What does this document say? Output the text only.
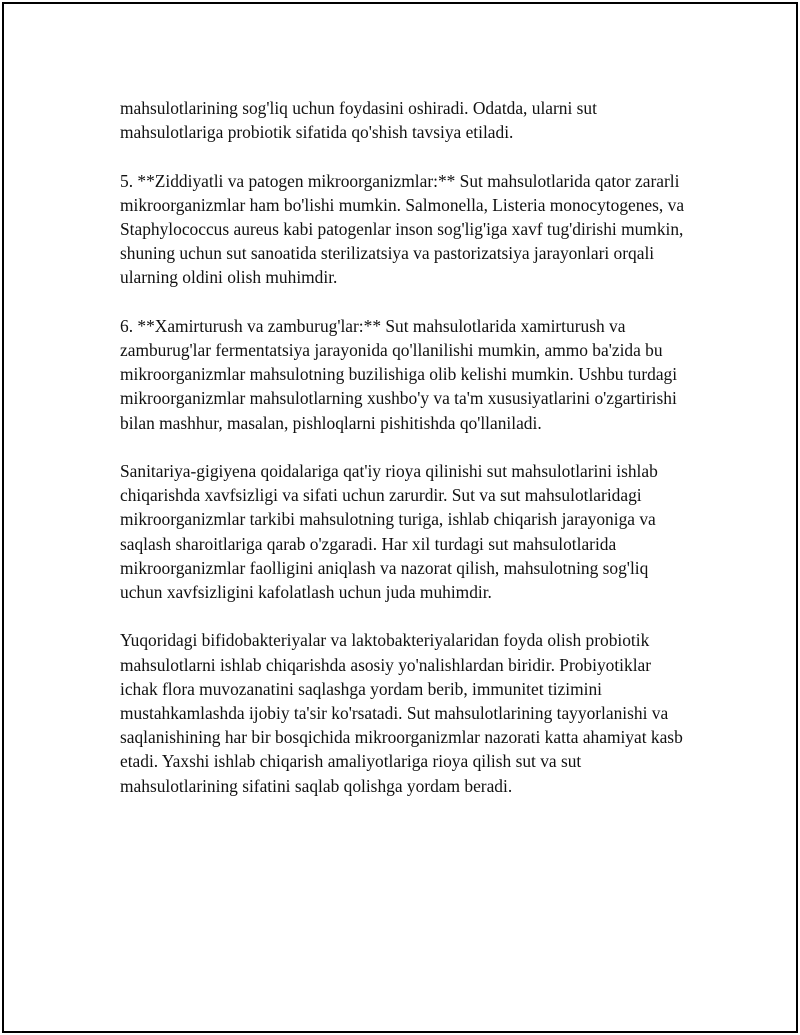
mahsulotlarining sog'liq uchun foydasini oshiradi. Odatda, ularni sut mahsulotlariga probiotik sifatida qo'shish tavsiya etiladi.

5. **Ziddiyatli va patogen mikroorganizmlar:** Sut mahsulotlarida qator zararli mikroorganizmlar ham bo'lishi mumkin. Salmonella, Listeria monocytogenes, va Staphylococcus aureus kabi patogenlar inson sog'lig'iga xavf tug'dirishi mumkin, shuning uchun sut sanoatida sterilizatsiya va pastorizatsiya jarayonlari orqali ularning oldini olish muhimdir.

6. **Xamirturush va zamburug'lar:** Sut mahsulotlarida xamirturush va zamburug'lar fermentatsiya jarayonida qo'llanilishi mumkin, ammo ba'zida bu mikroorganizmlar mahsulotning buzilishiga olib kelishi mumkin. Ushbu turdagi mikroorganizmlar mahsulotlarning xushbo'y va ta'm xususiyatlarini o'zgartirishi bilan mashhur, masalan, pishloqlarni pishitishda qo'llaniladi.

Sanitariya-gigiyena qoidalariga qat'iy rioya qilinishi sut mahsulotlarini ishlab chiqarishda xavfsizligi va sifati uchun zarurdir. Sut va sut mahsulotlaridagi mikroorganizmlar tarkibi mahsulotning turiga, ishlab chiqarish jarayoniga va saqlash sharoitlariga qarab o'zgaradi. Har xil turdagi sut mahsulotlarida mikroorganizmlar faolligini aniqlash va nazorat qilish, mahsulotning sog'liq uchun xavfsizligini kafolatlash uchun juda muhimdir.

Yuqoridagi bifidobakteriyalar va laktobakteriyalaridan foyda olish probiotik mahsulotlarni ishlab chiqarishda asosiy yo'nalishlardan biridir. Probiyotiklar ichak flora muvozanatini saqlashga yordam berib, immunitet tizimini mustahkamlashda ijobiy ta'sir ko'rsatadi. Sut mahsulotlarining tayyorlanishi va saqlanishining har bir bosqichida mikroorganizmlar nazorati katta ahamiyat kasb etadi. Yaxshi ishlab chiqarish amaliyotlariga rioya qilish sut va sut mahsulotlarining sifatini saqlab qolishga yordam beradi.
